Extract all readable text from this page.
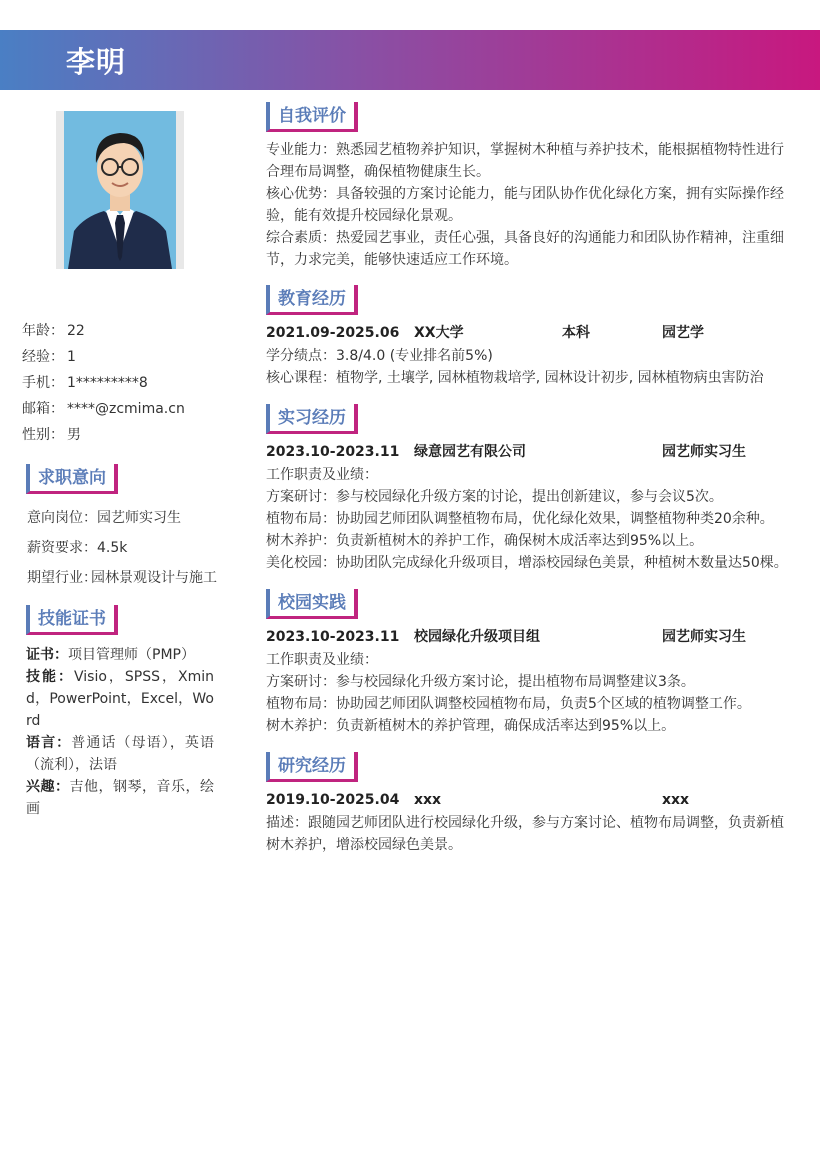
李明
年龄： 22
经验： 1
手机： 1*********8
邮箱： ****@zcmima.cn
性别： 男
求职意向
意向岗位：园艺师实习生
薪资要求：4.5k
期望行业：园林景观设计与施工
技能证书

证书：项目管理师（PMP）

技能：Visio，SPSS，Xmind，PowerPoint，Excel，Word

语言：普通话（母语），英语（流利），法语

兴趣：吉他，钢琴，音乐，绘画

自我评价
专业能力：熟悉园艺植物养护知识，掌握树木种植与养护技术，能根据植物特性进行
合理布局调整，确保植物健康生长。
核心优势：具备较强的方案讨论能力，能与团队协作优化绿化方案，拥有实际操作经
验，能有效提升校园绿化景观。
综合素质：热爱园艺事业，责任心强，具备良好的沟通能力和团队协作精神，注重细
节，力求完美，能够快速适应工作环境。
教育经历
2021.09-2025.06 XX大学	本科	园艺学
学分绩点：3.8/4.0 (专业排名前5%)
核心课程：植物学, 土壤学, 园林植物栽培学, 园林设计初步, 园林植物病虫害防治
实习经历
2023.10-2023.11 绿意园艺有限公司	园艺师实习生
工作职责及业绩：
方案研讨：参与校园绿化升级方案的讨论，提出创新建议，参与会议5次。
植物布局：协助园艺师团队调整植物布局，优化绿化效果，调整植物种类20余种。
树木养护：负责新植树木的养护工作，确保树木成活率达到95%以上。
美化校园：协助团队完成绿化升级项目，增添校园绿色美景，种植树木数量达50棵。
校园实践
2023.10-2023.11 校园绿化升级项目组	园艺师实习生
工作职责及业绩：
方案研讨：参与校园绿化升级方案讨论，提出植物布局调整建议3条。
植物布局：协助园艺师团队调整校园植物布局，负责5个区域的植物调整工作。
树木养护：负责新植树木的养护管理，确保成活率达到95%以上。
研究经历
2019.10-2025.04 xxx	xxx
描述：跟随园艺师团队进行校园绿化升级，参与方案讨论、植物布局调整，负责新植
树木养护，增添校园绿色美景。
